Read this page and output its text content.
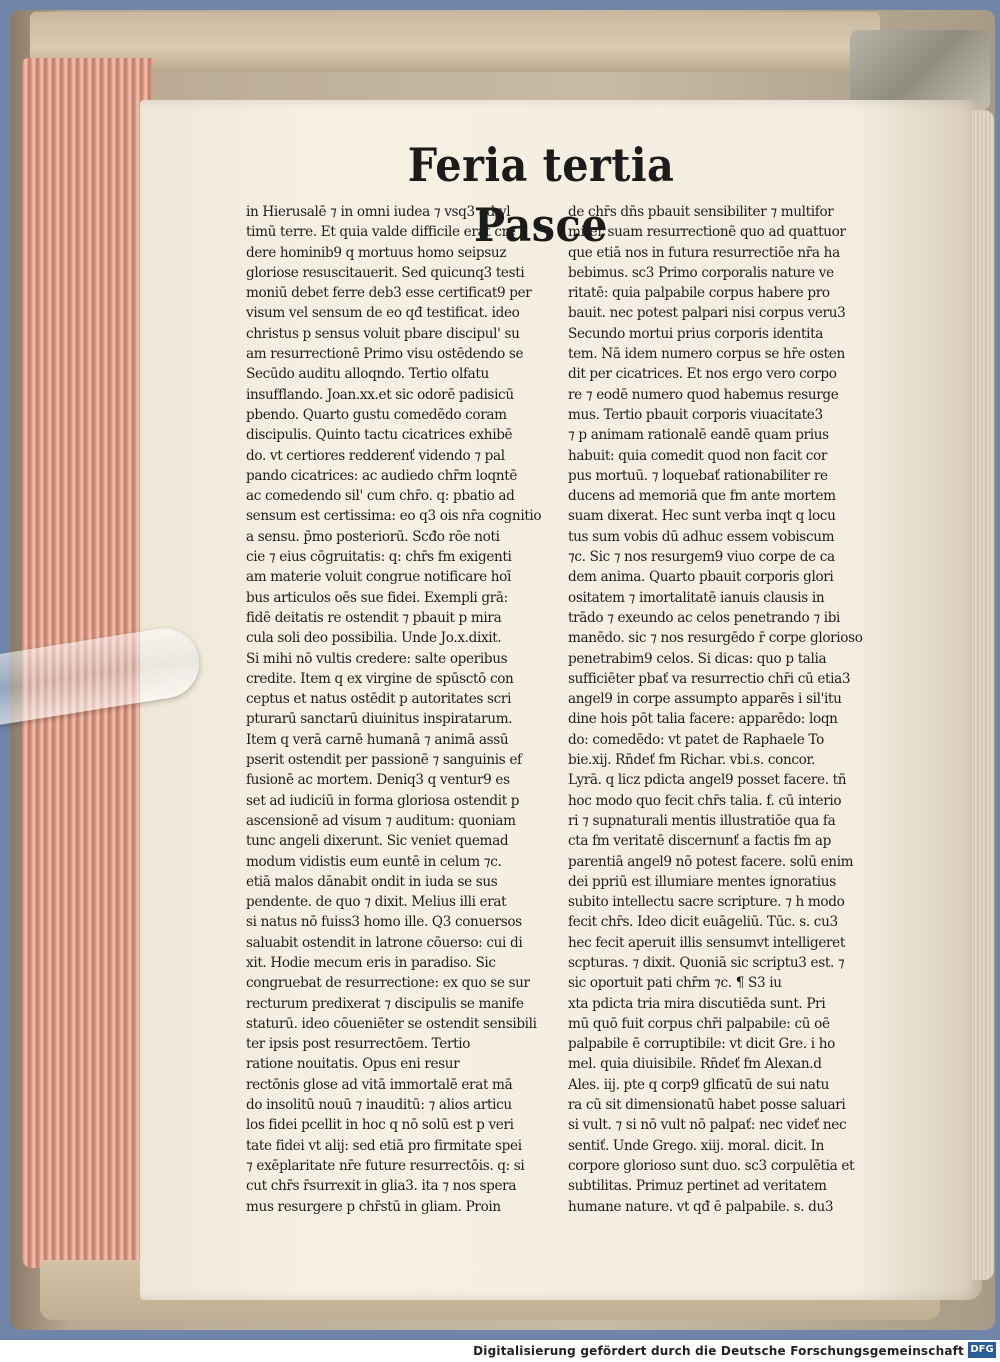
Feria tertia Pasce
in Hierusalē ⁊ in omni iudea ⁊ vsq3 ad vl
timū terre. Et quia valde difficile erat cre
dere hominib9 q mortuus homo seipsuz
gloriose resuscitauerit. Sed quicunq3 testi
moniū debet ferre deb3 esse certificat9 per
visum vel sensum de eo qđ testificat. ideo
christus p sensus voluit pbare discipul' su
am resurrectionē Primo visu ostēdendo se
Secūdo auditu alloqndo. Tertio olfatu
insufflando. Joan.xx.et sic odorē padisicū
pbendo. Quarto gustu comedēdo coram
discipulis. Quinto tactu cicatrices exhibē
do. vt certiores redderenť videndo ⁊ pal
pando cicatrices: ac audiedo chr̄m loqntē
ac comedendo sil' cum chr̄o. q: pbatio ad
sensum est certissima: eo q3 ois nr̄a cognitio
a sensu. p̄mo posteriorū. Scđo rōe noti
cie ⁊ eius cōgruitatis: q: chr̄s fm exigenti
am materie voluit congrue notificare hoī
bus articulos oēs sue fidei. Exempli grā:
fidē deitatis re ostendit ⁊ pbauit p mira
cula soli deo possibilia. Unde Jo.x.dixit.
Si mihi nō vultis credere: salte operibus
credite. Item q ex virgine de spūsctō con
ceptus et natus ostēdit p autoritates scri
pturarū sanctarū diuinitus inspiratarum.
Item q verā carnē humanā ⁊ animā assū
pserit ostendit per passionē ⁊ sanguinis ef
fusionē ac mortem. Deniq3 q ventur9 es
set ad iudiciū in forma gloriosa ostendit p
ascensionē ad visum ⁊ auditum: quoniam
tunc angeli dixerunt. Sic veniet quemad
modum vidistis eum euntē in celum ⁊c.
etiā malos dānabit ondit in iuda se sus
pendente. de quo ⁊ dixit. Melius illi erat
si natus nō fuiss3 homo ille. Q3 conuersos
saluabit ostendit in latrone cōuerso: cui di
xit. Hodie mecum eris in paradiso. Sic
congruebat de resurrectione: ex quo se sur
recturum predixerat ⁊ discipulis se manife
staturū. ideo cōueniēter se ostendit sensibili
ter ipsis post resurrectōem. Tertio
ratione nouitatis. Opus eni resur
rectōnis glose ad vitā immortalē erat mā
do insolitū nouū ⁊ inauditū: ⁊ alios articu
los fidei pcellit in hoc q nō solū est p veri
tate fidei vt alij: sed etiā pro firmitate spei
⁊ exēplaritate nr̄e future resurrectōis. q: si
cut chr̄s r̄surrexit in glia3. ita ⁊ nos spera
mus resurgere p chr̄stū in gliam. Proin
de chr̄s dn̄s pbauit sensibiliter ⁊ multifor
miter suam resurrectionē quo ad quattuor
que etiā nos in futura resurrectiōe nr̄a ha
bebimus. sc3 Primo corporalis nature ve
ritatē: quia palpabile corpus habere pro
bauit. nec potest palpari nisi corpus veru3
Secundo mortui prius corporis identita
tem. Nā idem numero corpus se hr̄e osten
dit per cicatrices. Et nos ergo vero corpo
re ⁊ eodē numero quod habemus resurge
mus. Tertio pbauit corporis viuacitate3
⁊ p animam rationalē eandē quam prius
habuit: quia comedit quod non facit cor
pus mortuū. ⁊ loquebať rationabiliter re
ducens ad memoriā que fm ante mortem
suam dixerat. Hec sunt verba inqt q locu
tus sum vobis dū adhuc essem vobiscum
⁊c. Sic ⁊ nos resurgem9 viuo corpe de ca
dem anima. Quarto pbauit corporis glori
ositatem ⁊ imortalitatē ianuis clausis in
trādo ⁊ exeundo ac celos penetrando ⁊ ibi
manēdo. sic ⁊ nos resurgēdo r̄ corpe glorioso
penetrabim9 celos. Si dicas: quo p talia
sufficiēter pbať va resurrectio chr̄i cū etia3
angel9 in corpe assumpto apparēs i sil'itu
dine hois pōt talia facere: apparēdo: loqn
do: comedēdo: vt patet de Raphaele To
bie.xij. Rn̄deť fm Richar. vbi.s. concor.
Lyrā. q licz pdicta angel9 posset facere. tñ
hoc modo quo fecit chr̄s talia. f. cū interio
ri ⁊ supnaturali mentis illustratiōe qua fa
cta fm veritatē discernunť a factis fm ap
parentiā angel9 nō potest facere. solū enim
dei ppriū est illumiare mentes ignoratius
subito intellectu sacre scripture. ⁊ h modo
fecit chr̄s. Ideo dicit euāgeliū. Tūc. s. cu3
hec fecit aperuit illis sensumvt intelligeret
scpturas. ⁊ dixit. Quoniā sic scriptu3 est. ⁊
sic oportuit pati chr̄m ⁊c. ¶ S3 iu
xta pdicta tria mira discutiēda sunt. Pri
mū quō fuit corpus chr̄i palpabile: cū oē
palpabile ē corruptibile: vt dicit Gre. i ho
mel. quia diuisibile. Rn̄deť fm Alexan.d
Ales. iij. pte q corp9 glficatū de sui natu
ra cū sit dimensionatū habet posse saluari
si vult. ⁊ si nō vult nō palpať: nec videť nec
sentiť. Unde Grego. xiij. moral. dicit. In
corpore glorioso sunt duo. sc3 corpulētia et
subtilitas. Primuz pertinet ad veritatem
humane nature. vt qđ ē palpabile. s. du3
Digitalisierung gefördert durch die Deutsche Forschungsgemeinschaft DFG
